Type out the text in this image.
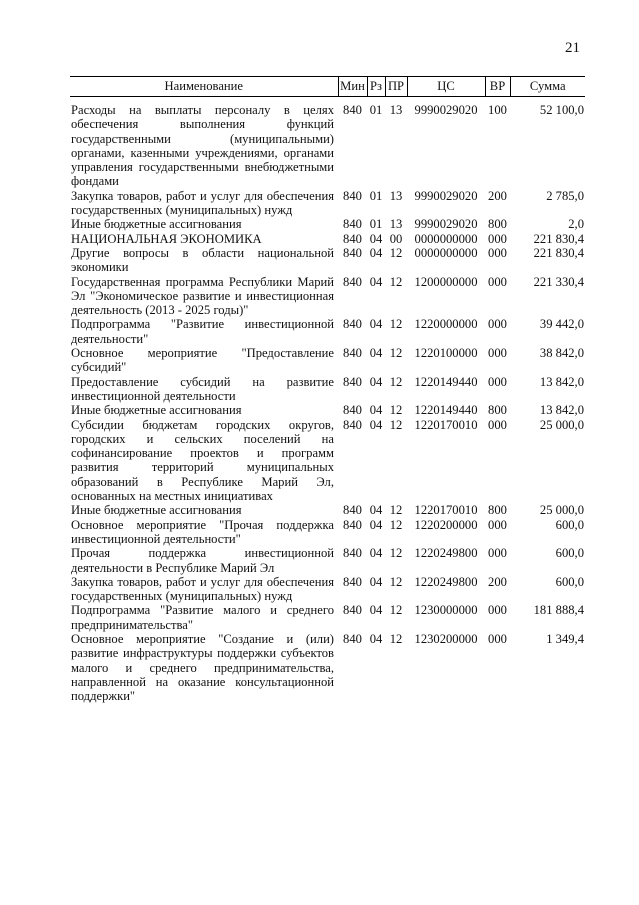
21
Наименование	Мин	Рз	ПР	ЦС	ВР	Сумма
Расходы на выплаты персоналу в целях обеспечения выполнения функций государственными (муниципальными) органами, казенными учреждениями, органами управления государственными внебюджетными фондами	840	01	13	9990029020	100	52 100,0
Закупка товаров, работ и услуг для обеспечения государственных (муниципальных) нужд	840	01	13	9990029020	200	2 785,0
Иные бюджетные ассигнования	840	01	13	9990029020	800	2,0
НАЦИОНАЛЬНАЯ ЭКОНОМИКА	840	04	00	0000000000	000	221 830,4
Другие вопросы в области национальной экономики	840	04	12	0000000000	000	221 830,4
Государственная программа Республики Марий Эл "Экономическое развитие и инвестиционная деятельность (2013 - 2025 годы)"	840	04	12	1200000000	000	221 330,4
Подпрограмма "Развитие инвестиционной деятельности"	840	04	12	1220000000	000	39 442,0
Основное мероприятие "Предоставление субсидий"	840	04	12	1220100000	000	38 842,0
Предоставление субсидий на развитие инвестиционной деятельности	840	04	12	1220149440	000	13 842,0
Иные бюджетные ассигнования	840	04	12	1220149440	800	13 842,0
Субсидии бюджетам городских округов, городских и сельских поселений на софинансирование проектов и программ развития территорий муниципальных образований в Республике Марий Эл, основанных на местных инициативах	840	04	12	1220170010	000	25 000,0
Иные бюджетные ассигнования	840	04	12	1220170010	800	25 000,0
Основное мероприятие "Прочая поддержка инвестиционной деятельности"	840	04	12	1220200000	000	600,0
Прочая поддержка инвестиционной деятельности в Республике Марий Эл	840	04	12	1220249800	000	600,0
Закупка товаров, работ и услуг для обеспечения государственных (муниципальных) нужд	840	04	12	1220249800	200	600,0
Подпрограмма "Развитие малого и среднего предпринимательства"	840	04	12	1230000000	000	181 888,4
Основное мероприятие "Создание и (или) развитие инфраструктуры поддержки субъектов малого и среднего предпринимательства, направленной на оказание консультационной поддержки"	840	04	12	1230200000	000	1 349,4
